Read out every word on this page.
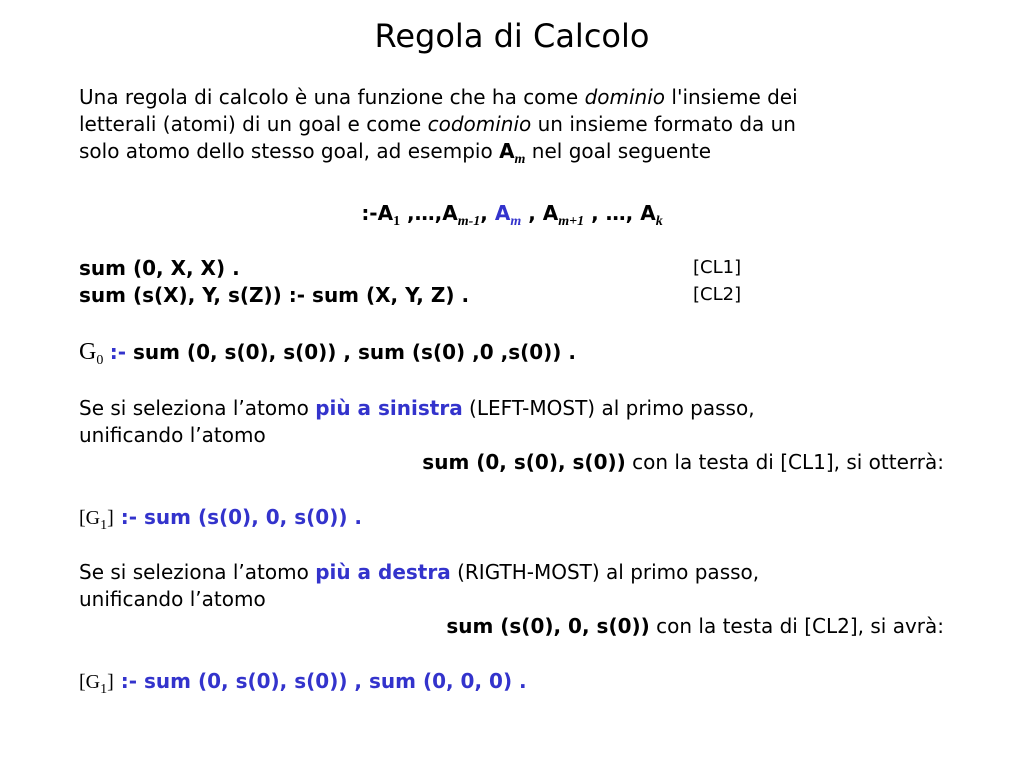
Regola di Calcolo
Una regola di calcolo è una funzione che ha come dominio l'insieme dei
letterali (atomi) di un goal e come codominio un insieme formato da un
solo atomo dello stesso goal, ad esempio $A_m$ nel goal seguente
$:-A_1$ $,\dots,A_{m-1}$, $A_m$ , $A_{m+1}$ , …, $A_k$
sum (0, X, X) .	[CL1]
sum (s(X), Y, s(Z)) :- sum (X, Y, Z) .	[CL2]
$G_0$ :- sum (0, s(0), s(0)) , sum (s(0) ,0 ,s(0)) .
Se si seleziona l’atomo più a sinistra (LEFT-MOST) al primo passo,
unificando l’atomo
sum (0, s(0), s(0)) con la testa di [CL1], si otterrà:
$[G_1]$ :- sum (s(0), 0, s(0)) .
Se si seleziona l’atomo più a destra (RIGTH-MOST) al primo passo,
unificando l’atomo
sum (s(0), 0, s(0)) con la testa di [CL2], si avrà:
$[G_1]$ :- sum (0, s(0), s(0)) , sum (0, 0, 0) .
